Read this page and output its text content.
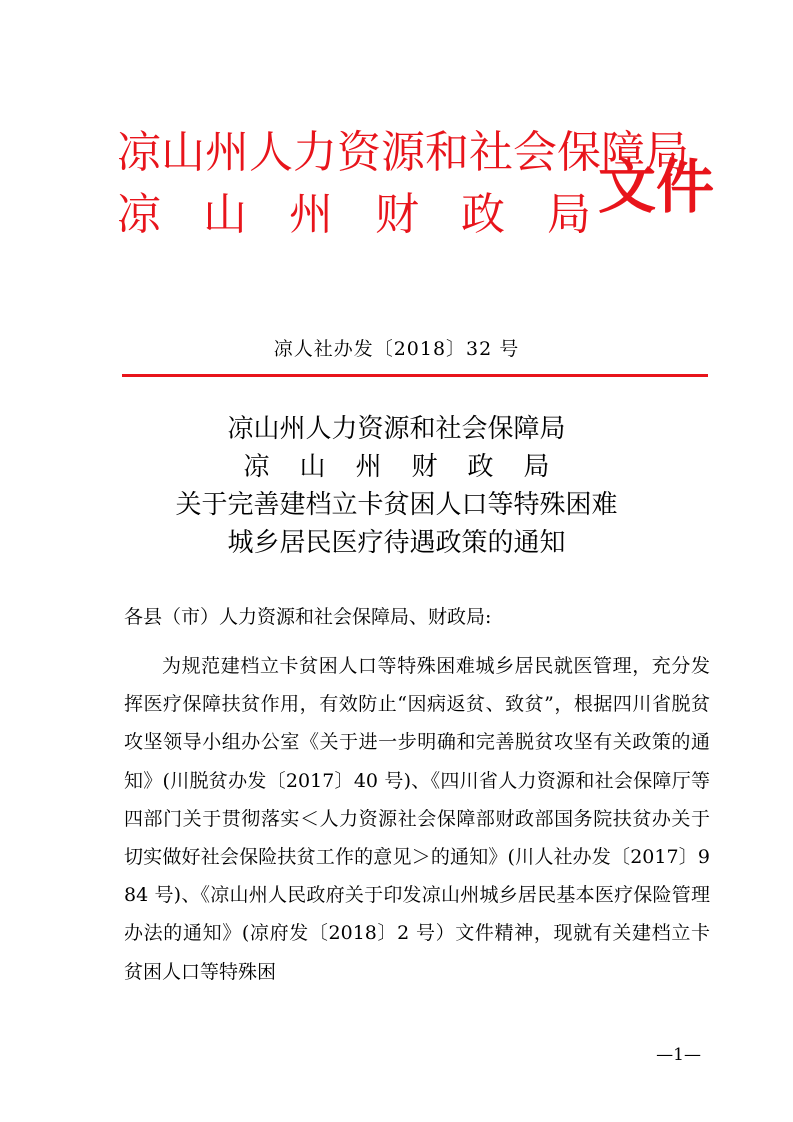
凉山州人力资源和社会保障局
凉山州财政局
文件
凉人社办发〔2018〕32 号
凉山州人力资源和社会保障局
凉山州财政局
关于完善建档立卡贫困人口等特殊困难
城乡居民医疗待遇政策的通知
各县（市）人力资源和社会保障局、财政局:
为规范建档立卡贫困人口等特殊困难城乡居民就医管理，充分发挥医疗保障扶贫作用，有效防止“因病返贫、致贫”，根据四川省脱贫攻坚领导小组办公室《关于进一步明确和完善脱贫攻坚有关政策的通知》(川脱贫办发〔2017〕40 号)、《四川省人力资源和社会保障厅等四部门关于贯彻落实＜人力资源社会保障部财政部国务院扶贫办关于切实做好社会保险扶贫工作的意见＞的通知》(川人社办发〔2017〕984 号)、《凉山州人民政府关于印发凉山州城乡居民基本医疗保险管理办法的通知》(凉府发〔2018〕2 号）文件精神，现就有关建档立卡贫困人口等特殊困
—1—
